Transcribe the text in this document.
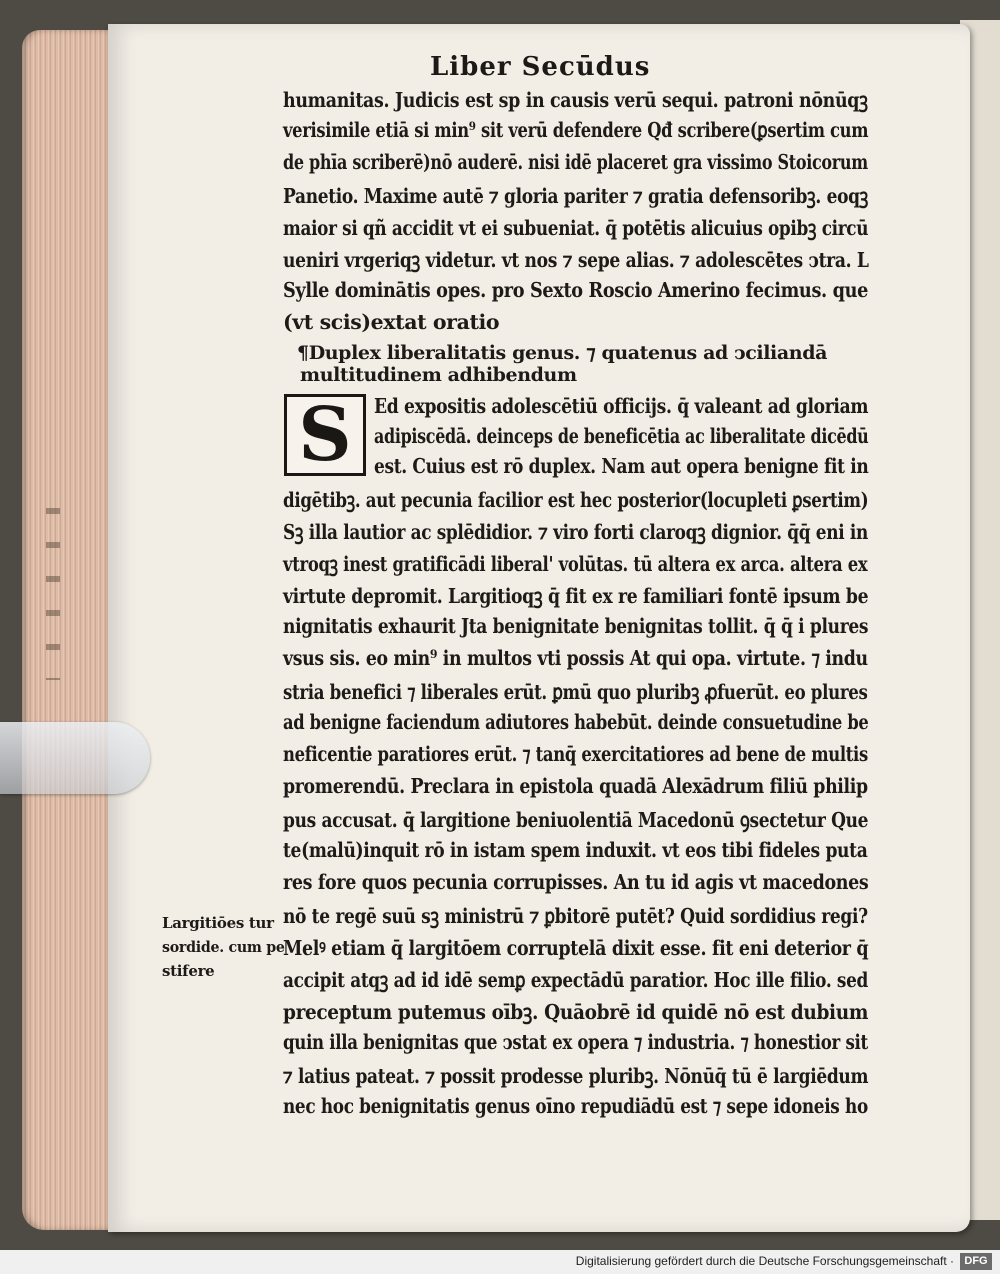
Liber Secūdus
humanitas. Judicis est sp in causis verū sequi. patroni nōnūqꝫ
verisimile etiā si min⁹ sit verū defendere Qđ scribere(ꝑsertim cum
de phīa scriberē)nō auderē. nisi idē placeret gra vissimo Stoicorum
Panetio. Maxime autē ⁊ gloria pariter ⁊ gratia defensoribꝫ. eoqꝫ
maior si qñ accidit vt ei subueniat. q̄ potētis alicuius opibꝫ circū
ueniri vrgeriqꝫ videtur. vt nos ⁊ sepe alias. ⁊ adolescētes ↄtra. L
Sylle dominātis opes. pro Sexto Roscio Amerino fecimus. que
(vt scis)extat oratio
¶Duplex liberalitatis genus. ⁊ quatenus ad ↄciliandā
multitudinem adhibendum
S	Ed expositis adolescētiū officijs. q̄ valeant ad gloriam
adipiscēdā. deinceps de beneficētia ac liberalitate dicēdū
est. Cuius est rō duplex. Nam aut opera benigne fit in
digētibꝫ. aut pecunia facilior est hec posterior(locupleti ꝑsertim)
Sꝫ illa lautior ac splēdidior. ⁊ viro forti claroqꝫ dignior. q̄q̄ eni in
vtroqꝫ inest gratificādi liberal' volūtas. tū altera ex arca. altera ex
virtute depromit. Largitioqꝫ q̄ fit ex re familiari fontē ipsum be
nignitatis exhaurit Jta benignitate benignitas tollit. q̄ q̄ i plures
vsus sis. eo min⁹ in multos vti possis At qui opa. virtute. ⁊ indu
stria benefici ⁊ liberales erūt. ꝑmū quo pluribꝫ ꝓfuerūt. eo plures
ad benigne faciendum adiutores habebūt. deinde consuetudine be
neficentie paratiores erūt. ⁊ tanq̄ exercitatiores ad bene de multis
promerendū. Preclara in epistola quadā Alexādrum filiū philip
pus accusat. q̄ largitione beniuolentiā Macedonū ꝯsectetur Que
te(malū)inquit rō in istam spem induxit. vt eos tibi fideles puta
res fore quos pecunia corrupisses. An tu id agis vt macedones
nō te regē suū sꝫ ministrū ⁊ ꝑbitorē putēt? Quid sordidius regi?
Melꝰ etiam q̄ largitōem corruptelā dixit esse. fit eni deterior q̄
accipit atqꝫ ad id idē semꝑ expectādū paratior. Hoc ille filio. sed
preceptum putemus oībꝫ. Quāobrē id quidē nō est dubium
quin illa benignitas que ↄstat ex opera ⁊ industria. ⁊ honestior sit
⁊ latius pateat. ⁊ possit prodesse pluribꝫ. Nōnūq̄ tū ē largiēdum
nec hoc benignitatis genus oīno repudiādū est ⁊ sepe idoneis ho
Largitiōes tur
sordide. cum pe
stifere
Digitalisierung gefördert durch die Deutsche Forschungsgemeinschaft · DFG
